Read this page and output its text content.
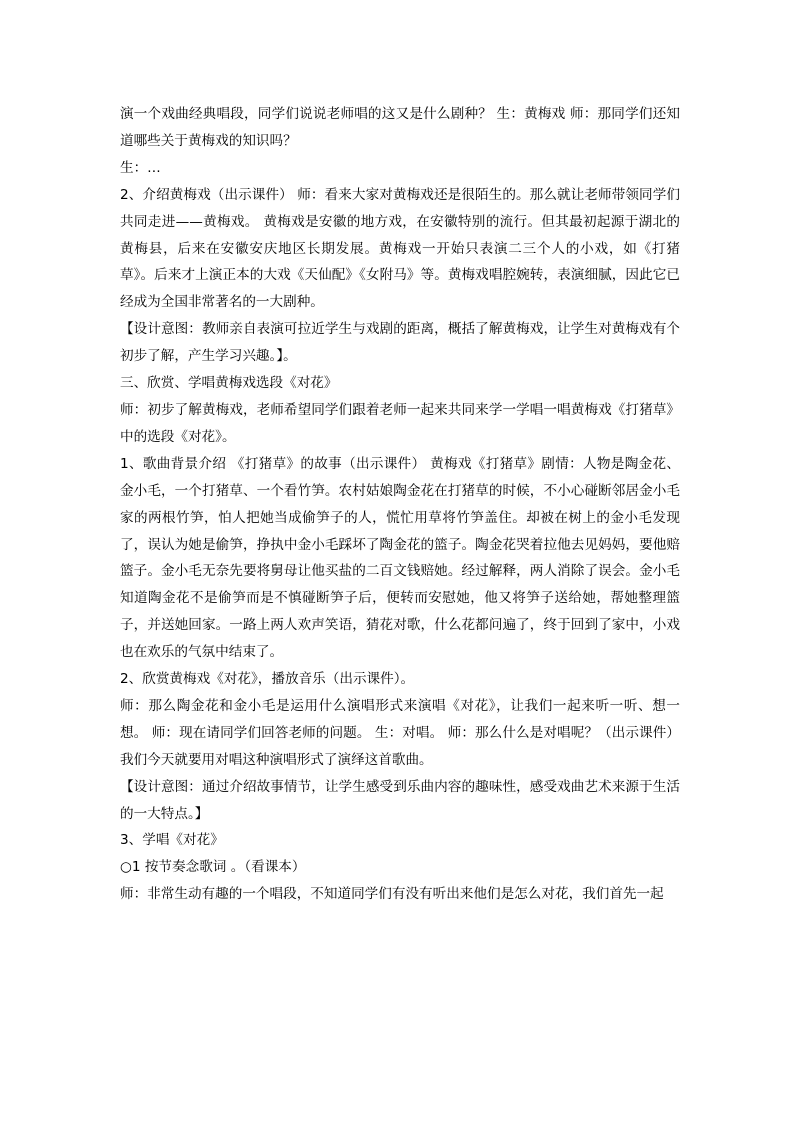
演一个戏曲经典唱段，同学们说说老师唱的这又是什么剧种？ 生：黄梅戏 师：那同学们还知道哪些关于黄梅戏的知识吗？

生：…

2、介绍黄梅戏（出示课件） 师：看来大家对黄梅戏还是很陌生的。那么就让老师带领同学们共同走进——黄梅戏。 黄梅戏是安徽的地方戏，在安徽特别的流行。但其最初起源于湖北的黄梅县，后来在安徽安庆地区长期发展。黄梅戏一开始只表演二三个人的小戏，如《打猪草》。后来才上演正本的大戏《天仙配》《女附马》等。黄梅戏唱腔婉转，表演细腻，因此它已经成为全国非常著名的一大剧种。

【设计意图：教师亲自表演可拉近学生与戏剧的距离，概括了解黄梅戏，让学生对黄梅戏有个初步了解，产生学习兴趣。】。

三、欣赏、学唱黄梅戏选段《对花》

师：初步了解黄梅戏，老师希望同学们跟着老师一起来共同来学一学唱一唱黄梅戏《打猪草》中的选段《对花》。

1、歌曲背景介绍 《打猪草》的故事（出示课件） 黄梅戏《打猪草》剧情：人物是陶金花、金小毛，一个打猪草、一个看竹笋。农村姑娘陶金花在打猪草的时候，不小心碰断邻居金小毛家的两根竹笋，怕人把她当成偷笋子的人，慌忙用草将竹笋盖住。却被在树上的金小毛发现了，误认为她是偷笋，挣执中金小毛踩坏了陶金花的篮子。陶金花哭着拉他去见妈妈，要他赔篮子。金小毛无奈先要将舅母让他买盐的二百文钱赔她。经过解释，两人消除了误会。金小毛知道陶金花不是偷笋而是不慎碰断笋子后，便转而安慰她，他又将笋子送给她，帮她整理篮子，并送她回家。一路上两人欢声笑语，猜花对歌，什么花都问遍了，终于回到了家中，小戏也在欢乐的气氛中结束了。

2、欣赏黄梅戏《对花》，播放音乐（出示课件）。

师：那么陶金花和金小毛是运用什么演唱形式来演唱《对花》，让我们一起来听一听、想一想。 师：现在请同学们回答老师的问题。 生：对唱。 师：那么什么是对唱呢？（出示课件）我们今天就要用对唱这种演唱形式了演绎这首歌曲。

【设计意图：通过介绍故事情节，让学生感受到乐曲内容的趣味性，感受戏曲艺术来源于生活的一大特点。】

3、学唱《对花》

○1 按节奏念歌词 。（看课本）

师：非常生动有趣的一个唱段，不知道同学们有没有听出来他们是怎么对花，我们首先一起
